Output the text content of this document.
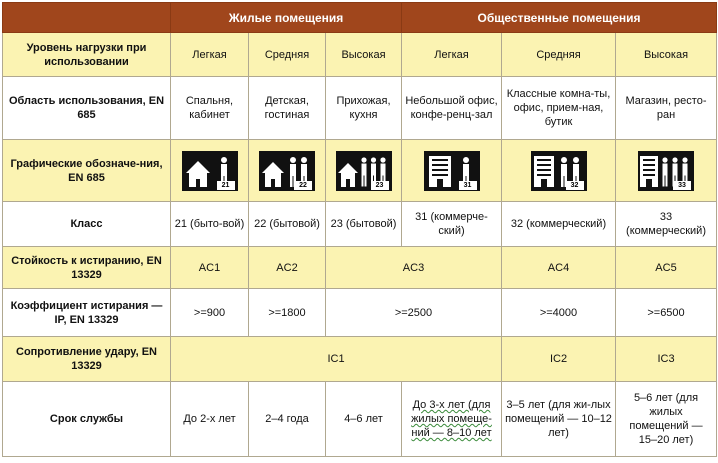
	Жилые помещения			Общественные помещения		
Уровень нагрузки при использовании	Легкая	Средняя	Высокая	Легкая	Средняя	Высокая
Область использования, EN 685	Спальня, кабинет	Детская, гостиная	Прихожая, кухня	Небольшой офис, конфе-ренц-зал	Классные комна-ты, офис, прием-ная, бутик	Магазин, ресто-ран
Графические обозначе-ния, EN 685	21	22	23	31	32	33

Класс	21 (быто-вой)	22 (бытовой)	23 (бытовой)	31 (коммерче-ский)	32 (коммерческий)	33 (коммерческий)
Стойкость к истиранию, EN 13329	AC1	AC2	AC3		AC4	AC5
Коэффициент истирания — IP, EN 13329	>=900	>=1800	>=2500		>=4000	>=6500
Сопротивление удару, EN 13329	IC1				IC2	IC3
Срок службы	До 2-х лет	2–4 года	4–6 лет	До 3-х лет (для жилых помеще-ний — 8–10 лет	3–5 лет (для жи-лых помещений — 10–12 лет)	5–6 лет (для жилых помещений — 15–20 лет)
